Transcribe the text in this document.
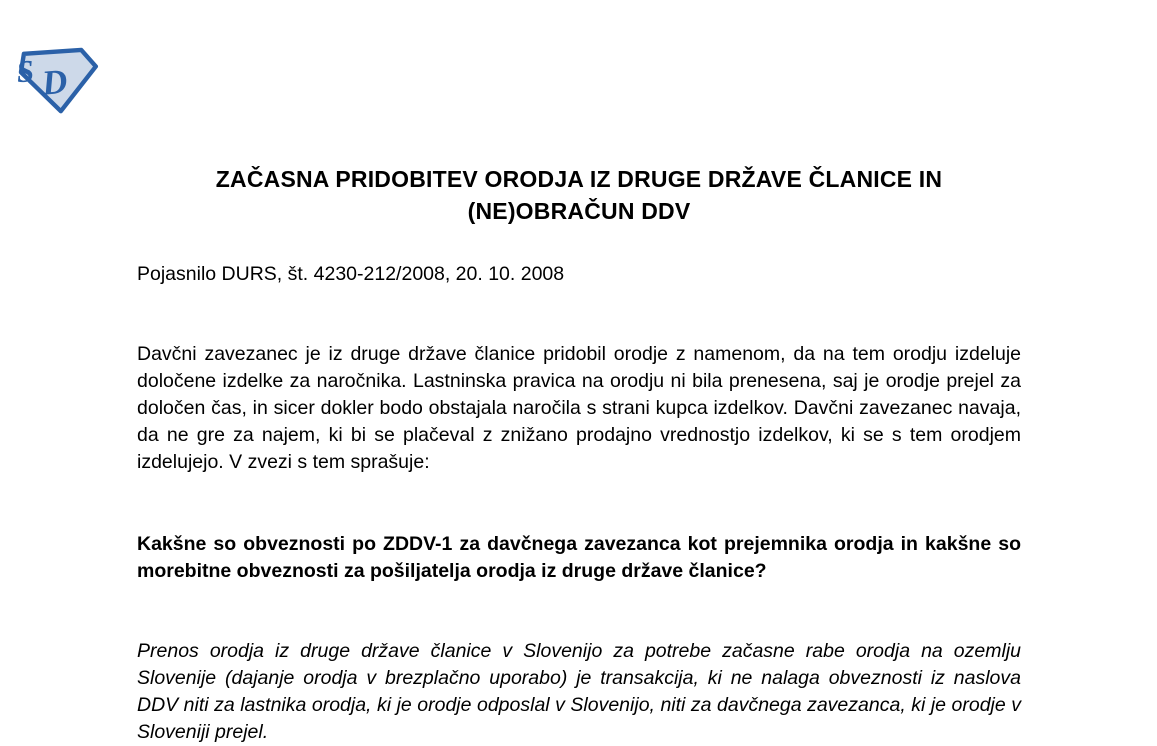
S D
ZAČASNA PRIDOBITEV ORODJA IZ DRUGE DRŽAVE ČLANICE IN
(NE)OBRAČUN DDV

Pojasnilo DURS, št. 4230-212/2008, 20. 10. 2008

Davčni zavezanec je iz druge države članice pridobil orodje z namenom, da na tem orodju izdeluje določene izdelke za naročnika. Lastninska pravica na orodju ni bila prenesena, saj je orodje prejel za določen čas, in sicer dokler bodo obstajala naročila s strani kupca izdelkov. Davčni zavezanec navaja, da ne gre za najem, ki bi se plačeval z znižano prodajno vrednostjo izdelkov, ki se s tem orodjem izdelujejo. V zvezi s tem sprašuje:

Kakšne so obveznosti po ZDDV-1 za davčnega zavezanca kot prejemnika orodja in kakšne so morebitne obveznosti za pošiljatelja orodja iz druge države članice?

Prenos orodja iz druge države članice v Slovenijo za potrebe začasne rabe orodja na ozemlju Slovenije (dajanje orodja v brezplačno uporabo) je transakcija, ki ne nalaga obveznosti iz naslova DDV niti za lastnika orodja, ki je orodje odposlal v Slovenijo, niti za davčnega zavezanca, ki je orodje v Sloveniji prejel.
